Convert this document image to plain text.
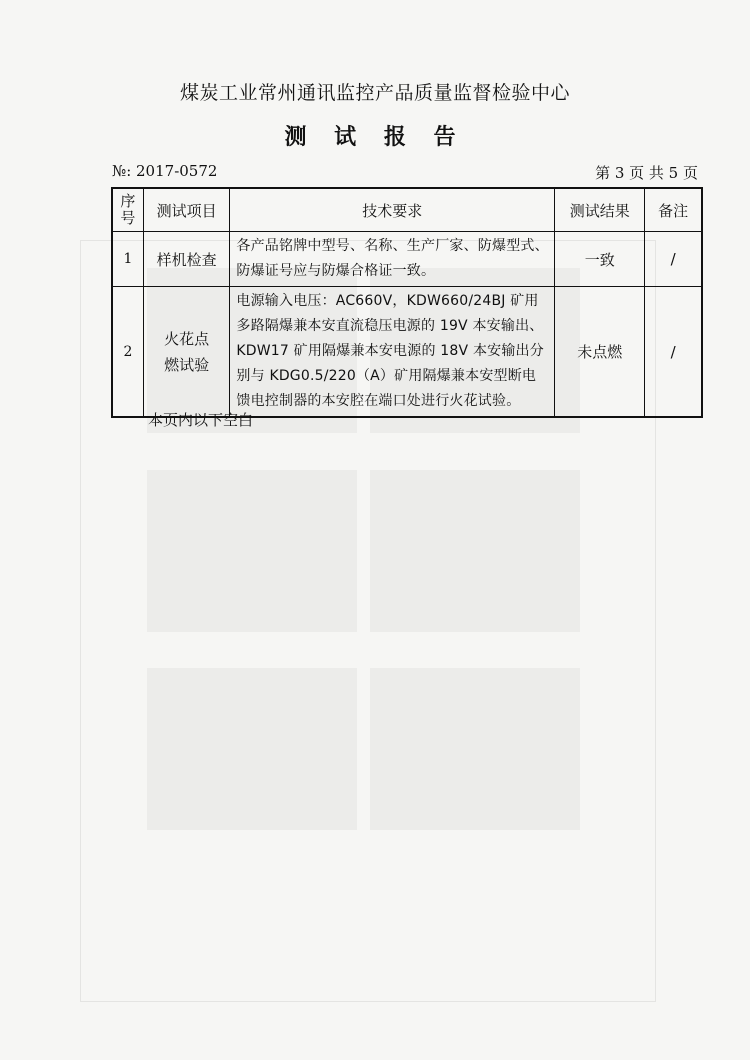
煤炭工业常州通讯监控产品质量监督检验中心
测 试 报 告
№: 2017-0572	第 3 页 共 5 页
序号	测试项目	技术要求	测试结果	备注
1	样机检查	各产品铭牌中型号、名称、生产厂家、防爆型式、防爆证号应与防爆合格证一致。	一致	/
2	火花点燃试验	电源输入电压：AC660V，KDW660/24BJ 矿用多路隔爆兼本安直流稳压电源的 19V 本安输出、KDW17 矿用隔爆兼本安电源的 18V 本安输出分别与 KDG0.5/220（A）矿用隔爆兼本安型断电馈电控制器的本安腔在端口处进行火花试验。	未点燃	/
本页内以下空白
